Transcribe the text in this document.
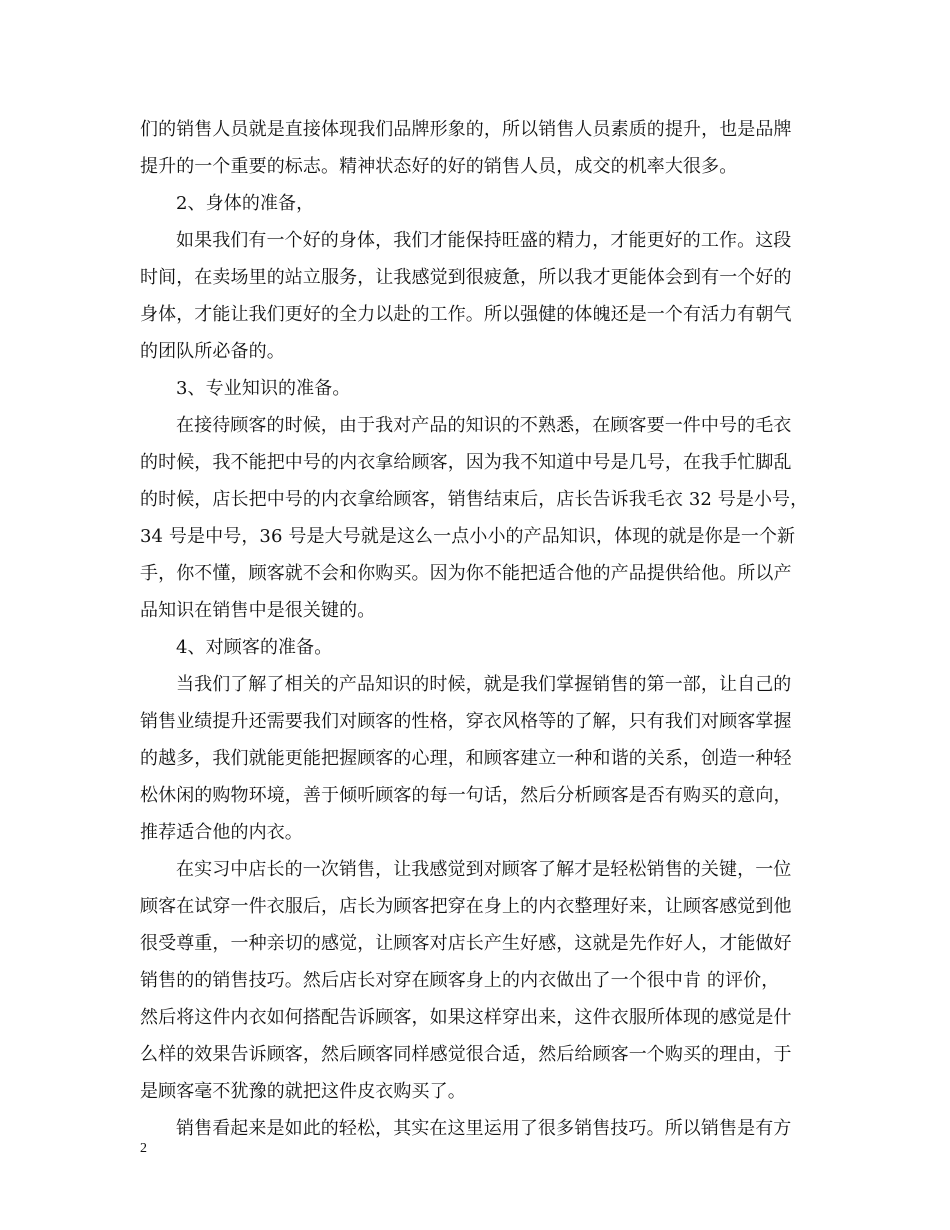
们的销售人员就是直接体现我们品牌形象的，所以销售人员素质的提升，也是品牌
提升的一个重要的标志。精神状态好的好的销售人员，成交的机率大很多。
2、身体的准备，
如果我们有一个好的身体，我们才能保持旺盛的精力，才能更好的工作。这段
时间，在卖场里的站立服务，让我感觉到很疲惫，所以我才更能体会到有一个好的
身体，才能让我们更好的全力以赴的工作。所以强健的体魄还是一个有活力有朝气
的团队所必备的。
3、专业知识的准备。
在接待顾客的时候，由于我对产品的知识的不熟悉，在顾客要一件中号的毛衣
的时候，我不能把中号的内衣拿给顾客，因为我不知道中号是几号，在我手忙脚乱
的时候，店长把中号的内衣拿给顾客，销售结束后，店长告诉我毛衣 32 号是小号，
34 号是中号，36 号是大号就是这么一点小小的产品知识，体现的就是你是一个新
手，你不懂，顾客就不会和你购买。因为你不能把适合他的产品提供给他。所以产
品知识在销售中是很关键的。
4、对顾客的准备。
当我们了解了相关的产品知识的时候，就是我们掌握销售的第一部，让自己的
销售业绩提升还需要我们对顾客的性格，穿衣风格等的了解，只有我们对顾客掌握
的越多，我们就能更能把握顾客的心理，和顾客建立一种和谐的关系，创造一种轻
松休闲的购物环境，善于倾听顾客的每一句话，然后分析顾客是否有购买的意向，
推荐适合他的内衣。
在实习中店长的一次销售，让我感觉到对顾客了解才是轻松销售的关键，一位
顾客在试穿一件衣服后，店长为顾客把穿在身上的内衣整理好来，让顾客感觉到他
很受尊重，一种亲切的感觉，让顾客对店长产生好感，这就是先作好人，才能做好
销售的的销售技巧。然后店长对穿在顾客身上的内衣做出了一个很中肯 的评价，
然后将这件内衣如何搭配告诉顾客，如果这样穿出来，这件衣服所体现的感觉是什
么样的效果告诉顾客，然后顾客同样感觉很合适，然后给顾客一个购买的理由，于
是顾客毫不犹豫的就把这件皮衣购买了。
销售看起来是如此的轻松，其实在这里运用了很多销售技巧。所以销售是有方
2
